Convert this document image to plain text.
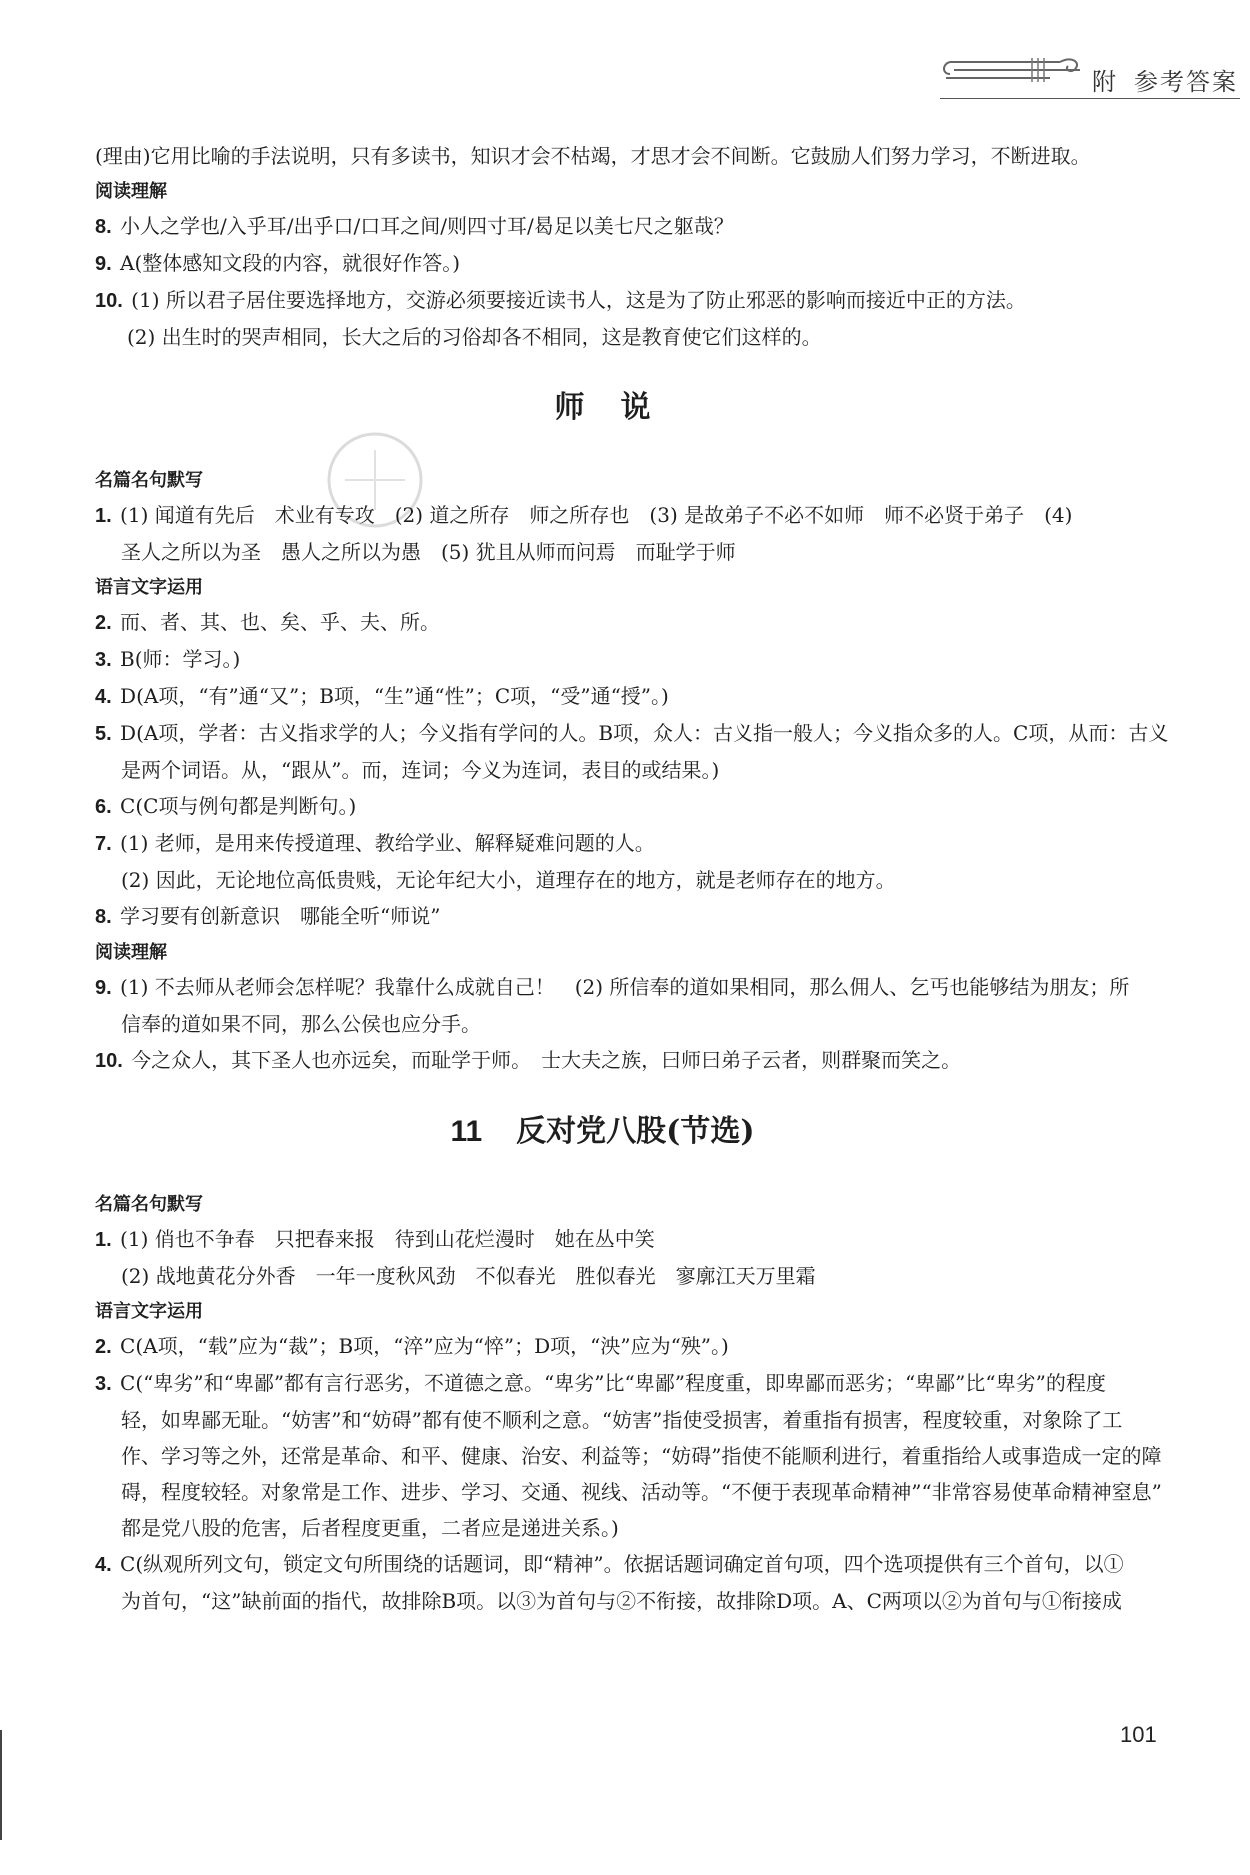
附 参考答案

(理由)它用比喻的手法说明，只有多读书，知识才会不枯竭，才思才会不间断。它鼓励人们努力学习，不断进取。

阅读理解

8. 小人之学也/入乎耳/出乎口/口耳之间/则四寸耳/曷足以美七尺之躯哉？

9. A(整体感知文段的内容，就很好作答。)

10. (1) 所以君子居住要选择地方，交游必须要接近读书人，这是为了防止邪恶的影响而接近中正的方法。

(2) 出生时的哭声相同，长大之后的习俗却各不相同，这是教育使它们这样的。

师说

名篇名句默写

1. (1) 闻道有先后　术业有专攻　(2) 道之所存　师之所存也　(3) 是故弟子不必不如师　师不必贤于弟子　(4)

圣人之所以为圣　愚人之所以为愚　(5) 犹且从师而问焉　而耻学于师

语言文字运用

2. 而、者、其、也、矣、乎、夫、所。

3. B(师：学习。)

4. D(A项，“有”通“又”；B项，“生”通“性”；C项，“受”通“授”。)

5. D(A项，学者：古义指求学的人；今义指有学问的人。B项，众人：古义指一般人；今义指众多的人。C项，从而：古义

是两个词语。从，“跟从”。而，连词；今义为连词，表目的或结果。)

6. C(C项与例句都是判断句。)

7. (1) 老师，是用来传授道理、教给学业、解释疑难问题的人。

(2) 因此，无论地位高低贵贱，无论年纪大小，道理存在的地方，就是老师存在的地方。

8. 学习要有创新意识　哪能全听“师说”

阅读理解

9. (1) 不去师从老师会怎样呢？我靠什么成就自己！　(2) 所信奉的道如果相同，那么佣人、乞丐也能够结为朋友；所

信奉的道如果不同，那么公侯也应分手。

10. 今之众人，其下圣人也亦远矣，而耻学于师。　士大夫之族，曰师曰弟子云者，则群聚而笑之。

11 反对党八股(节选)

名篇名句默写

1. (1) 俏也不争春　只把春来报　待到山花烂漫时　她在丛中笑

(2) 战地黄花分外香　一年一度秋风劲　不似春光　胜似春光　寥廓江天万里霜

语言文字运用

2. C(A项，“载”应为“裁”；B项，“淬”应为“悴”；D项，“泱”应为“殃”。)

3. C(“卑劣”和“卑鄙”都有言行恶劣，不道德之意。“卑劣”比“卑鄙”程度重，即卑鄙而恶劣；“卑鄙”比“卑劣”的程度

轻，如卑鄙无耻。“妨害”和“妨碍”都有使不顺利之意。“妨害”指使受损害，着重指有损害，程度较重，对象除了工

作、学习等之外，还常是革命、和平、健康、治安、利益等；“妨碍”指使不能顺利进行，着重指给人或事造成一定的障

碍，程度较轻。对象常是工作、进步、学习、交通、视线、活动等。“不便于表现革命精神”“非常容易使革命精神窒息”

都是党八股的危害，后者程度更重，二者应是递进关系。)

4. C(纵观所列文句，锁定文句所围绕的话题词，即“精神”。依据话题词确定首句项，四个选项提供有三个首句，以①

为首句，“这”缺前面的指代，故排除B项。以③为首句与②不衔接，故排除D项。A、C两项以②为首句与①衔接成

101
